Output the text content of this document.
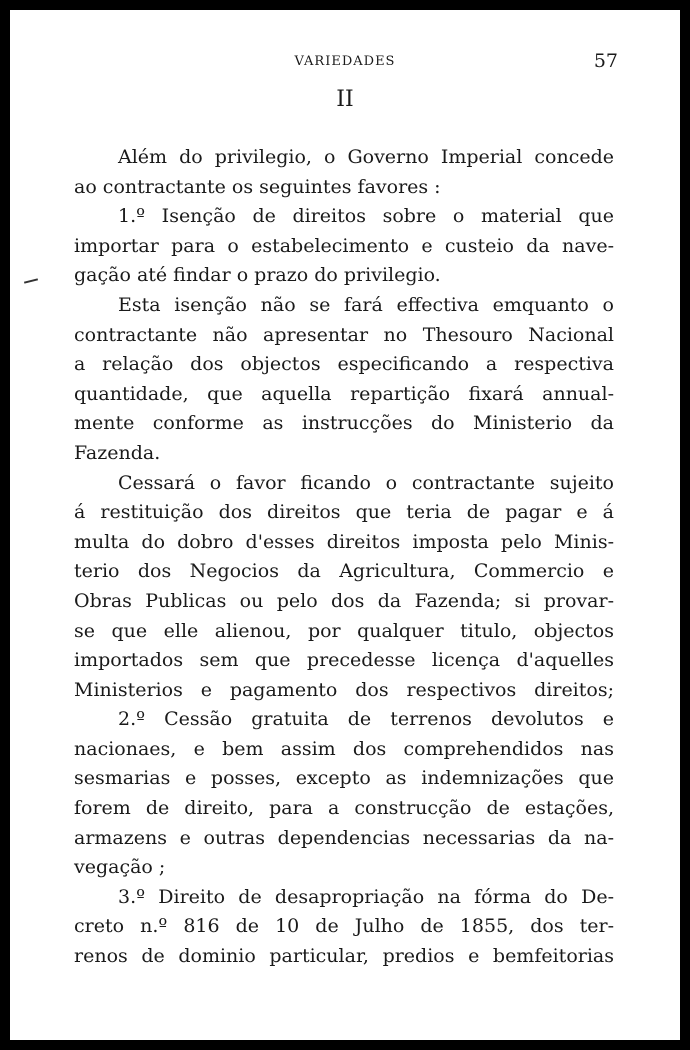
VARIEDADES	57
II
Além do privilegio, o Governo Imperial concede
ao contractante os seguintes favores :
1.º Isenção de direitos sobre o material que
importar para o estabelecimento e custeio da nave-
gação até findar o prazo do privilegio.
Esta isenção não se fará effectiva emquanto o
contractante não apresentar no Thesouro Nacional
a relação dos objectos especificando a respectiva
quantidade, que aquella repartição fixará annual-
mente conforme as instrucções do Ministerio da
Fazenda.
Cessará o favor ficando o contractante sujeito
á restituição dos direitos que teria de pagar e á
multa do dobro d'esses direitos imposta pelo Minis-
terio dos Negocios da Agricultura, Commercio e
Obras Publicas ou pelo dos da Fazenda; si provar-
se que elle alienou, por qualquer titulo, objectos
importados sem que precedesse licença d'aquelles
Ministerios e pagamento dos respectivos direitos;
2.º Cessão gratuita de terrenos devolutos e
nacionaes, e bem assim dos comprehendidos nas
sesmarias e posses, excepto as indemnizações que
forem de direito, para a construcção de estações,
armazens e outras dependencias necessarias da na-
vegação ;
3.º Direito de desapropriação na fórma do De-
creto n.º 816 de 10 de Julho de 1855, dos ter-
renos de dominio particular, predios e bemfeitorias
